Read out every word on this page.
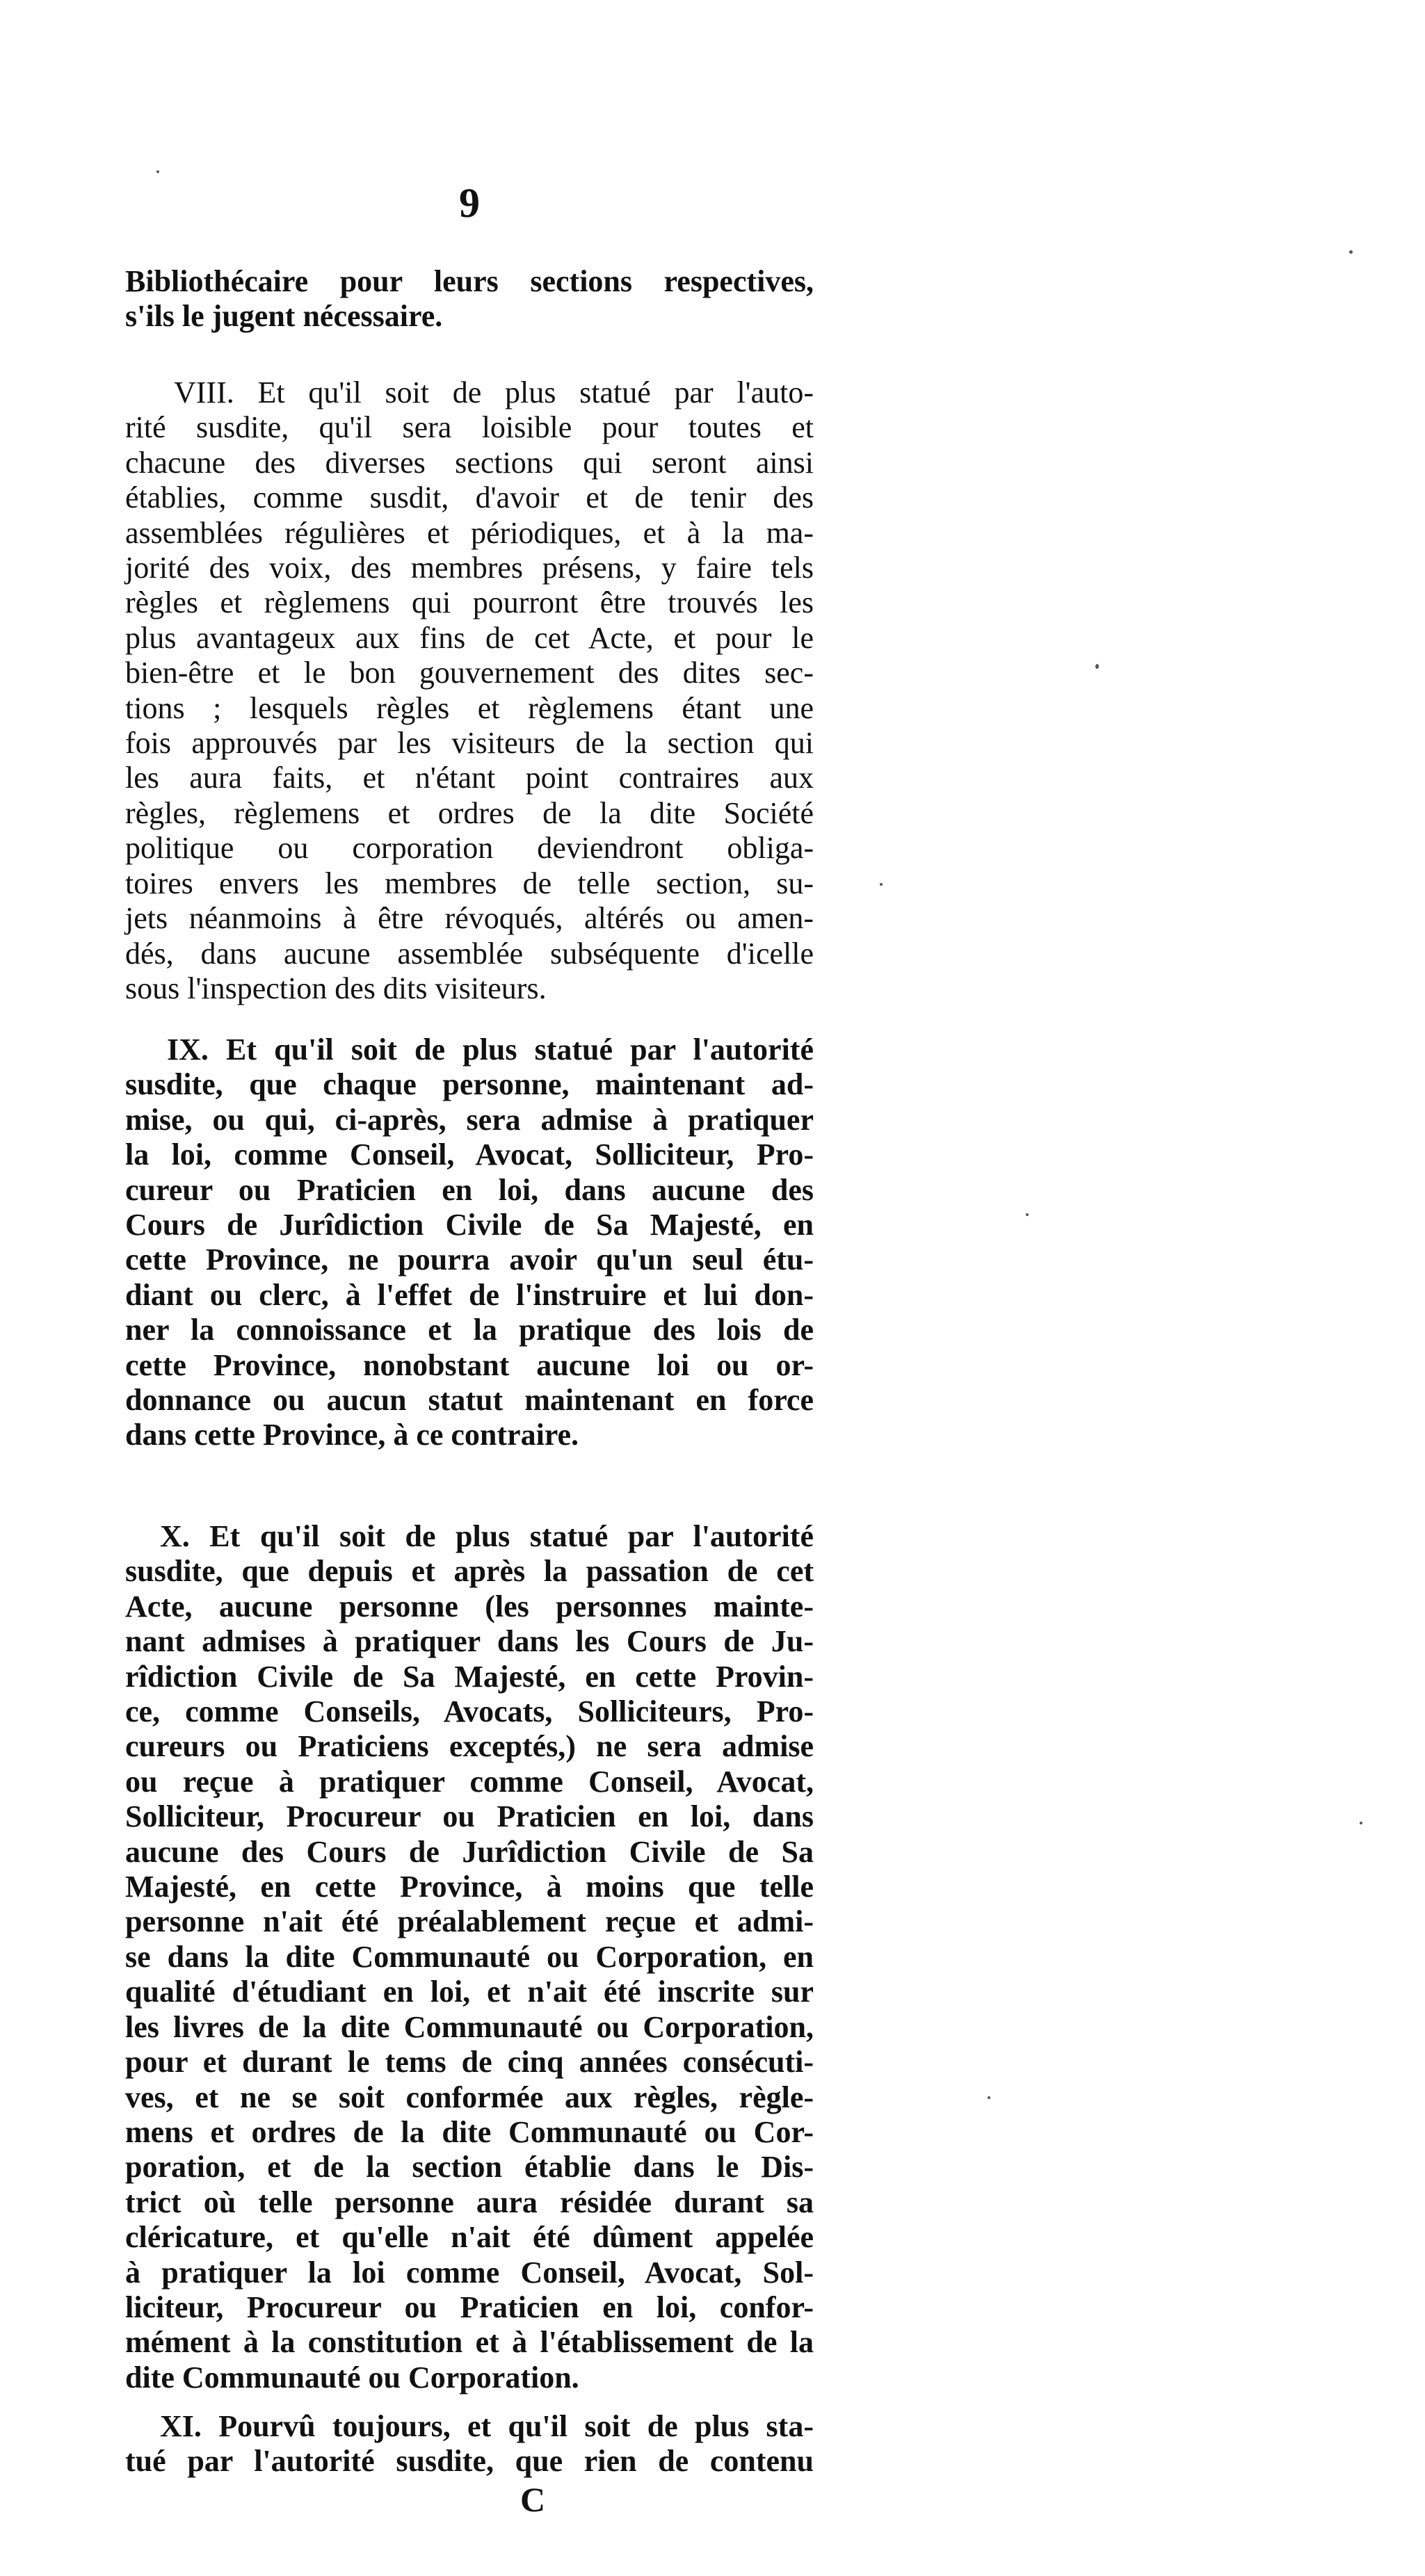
9

Bibliothécaire pour leurs sections respectives,
s'ils le jugent nécessaire.

VIII. Et qu'il soit de plus statué par l'auto-
rité susdite, qu'il sera loisible pour toutes et
chacune des diverses sections qui seront ainsi
établies, comme susdit, d'avoir et de tenir des
assemblées régulières et périodiques, et à la ma-
jorité des voix, des membres présens, y faire tels
règles et règlemens qui pourront être trouvés les
plus avantageux aux fins de cet Acte, et pour le
bien-être et le bon gouvernement des dites sec-
tions ; lesquels règles et règlemens étant une
fois approuvés par les visiteurs de la section qui
les aura faits, et n'étant point contraires aux
règles, règlemens et ordres de la dite Société
politique ou corporation deviendront obliga-
toires envers les membres de telle section, su-
jets néanmoins à être révoqués, altérés ou amen-
dés, dans aucune assemblée subséquente d'icelle
sous l'inspection des dits visiteurs.

IX. Et qu'il soit de plus statué par l'autorité
susdite, que chaque personne, maintenant ad-
mise, ou qui, ci-après, sera admise à pratiquer
la loi, comme Conseil, Avocat, Solliciteur, Pro-
cureur ou Praticien en loi, dans aucune des
Cours de Jurîdiction Civile de Sa Majesté, en
cette Province, ne pourra avoir qu'un seul étu-
diant ou clerc, à l'effet de l'instruire et lui don-
ner la connoissance et la pratique des lois de
cette Province, nonobstant aucune loi ou or-
donnance ou aucun statut maintenant en force
dans cette Province, à ce contraire.

X. Et qu'il soit de plus statué par l'autorité
susdite, que depuis et après la passation de cet
Acte, aucune personne (les personnes mainte-
nant admises à pratiquer dans les Cours de Ju-
rîdiction Civile de Sa Majesté, en cette Provin-
ce, comme Conseils, Avocats, Solliciteurs, Pro-
cureurs ou Praticiens exceptés,) ne sera admise
ou reçue à pratiquer comme Conseil, Avocat,
Solliciteur, Procureur ou Praticien en loi, dans
aucune des Cours de Jurîdiction Civile de Sa
Majesté, en cette Province, à moins que telle
personne n'ait été préalablement reçue et admi-
se dans la dite Communauté ou Corporation, en
qualité d'étudiant en loi, et n'ait été inscrite sur
les livres de la dite Communauté ou Corporation,
pour et durant le tems de cinq années consécuti-
ves, et ne se soit conformée aux règles, règle-
mens et ordres de la dite Communauté ou Cor-
poration, et de la section établie dans le Dis-
trict où telle personne aura résidée durant sa
cléricature, et qu'elle n'ait été dûment appelée
à pratiquer la loi comme Conseil, Avocat, Sol-
liciteur, Procureur ou Praticien en loi, confor-
mément à la constitution et à l'établissement de la
dite Communauté ou Corporation.

XI. Pourvû toujours, et qu'il soit de plus sta-
tué par l'autorité susdite, que rien de contenu

C
